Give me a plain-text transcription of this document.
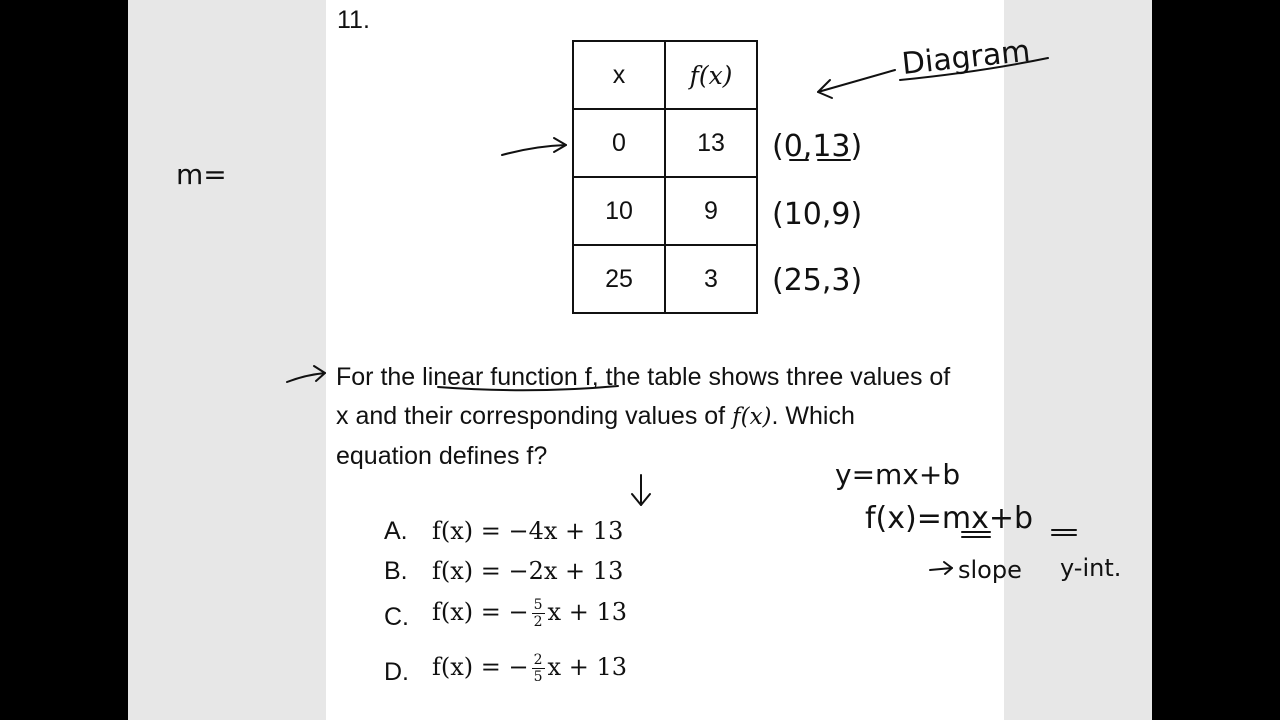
11.
x	f(x)
0	13
10	9
25	3
For the linear function f, the table shows three values of x and their corresponding values of f(x). Which equation defines f?
A. f(x) = −4x + 13
B. f(x) = −2x + 13
C. f(x) = − $\frac{5}{2}$ x + 13
D. f(x) = − $\frac{2}{5}$ x + 13
Diagram
m=
(0,13)
(10,9)
(25,3)
y=mx+b
f(x)=mx+b
slope y-int.
